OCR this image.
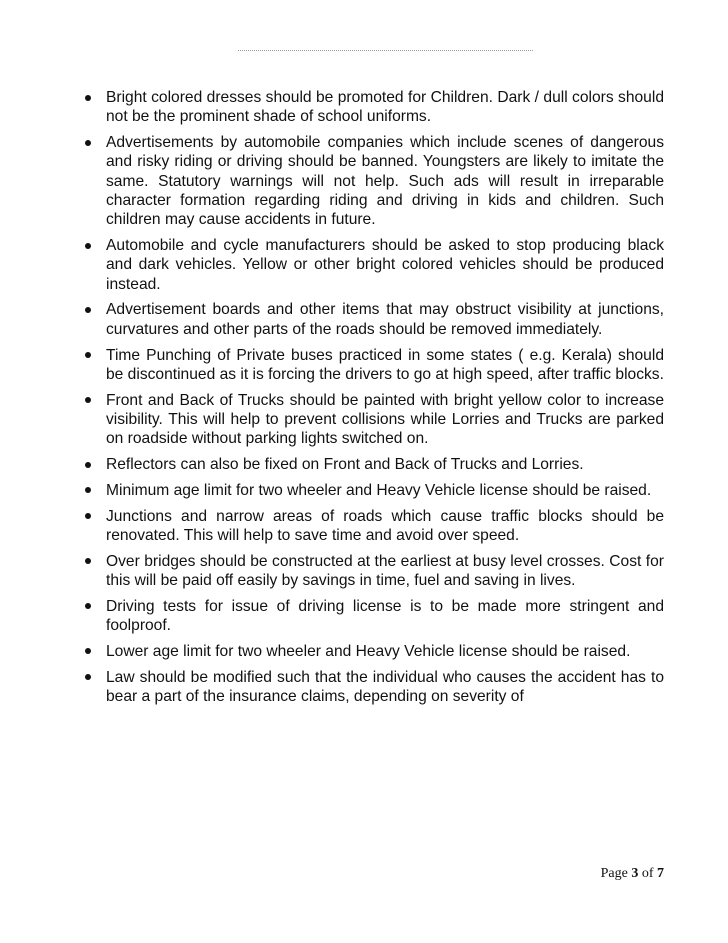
Bright colored dresses should be promoted for Children. Dark / dull colors should not be the prominent shade of school uniforms.
Advertisements by automobile companies which include scenes of dangerous and risky riding or driving should be banned. Youngsters are likely to imitate the same. Statutory warnings will not help. Such ads will result in irreparable character formation regarding riding and driving in kids and children. Such children may cause accidents in future.
Automobile and cycle manufacturers should be asked to stop producing black and dark vehicles. Yellow or other bright colored vehicles should be produced instead.
Advertisement boards and other items that may obstruct visibility at junctions, curvatures and other parts of the roads should be removed immediately.
Time Punching of Private buses practiced in some states ( e.g. Kerala) should be discontinued as it is forcing the drivers to go at high speed, after traffic blocks.
Front and Back of Trucks should be painted with bright yellow color to increase visibility. This will help to prevent collisions while Lorries and Trucks are parked on roadside without parking lights switched on.
Reflectors can also be fixed on Front and Back of Trucks and Lorries.
Minimum age limit for two wheeler and Heavy Vehicle license should be raised.
Junctions and narrow areas of roads which cause traffic blocks should be renovated. This will help to save time and avoid over speed.
Over bridges should be constructed at the earliest at busy level crosses. Cost for this will be paid off easily by savings in time, fuel and saving in lives.
Driving tests for issue of driving license is to be made more stringent and foolproof.
Lower age limit for two wheeler and Heavy Vehicle license should be raised.
Law should be modified such that the individual who causes the accident has to bear a part of the insurance claims, depending on severity of
Page 3 of 7
